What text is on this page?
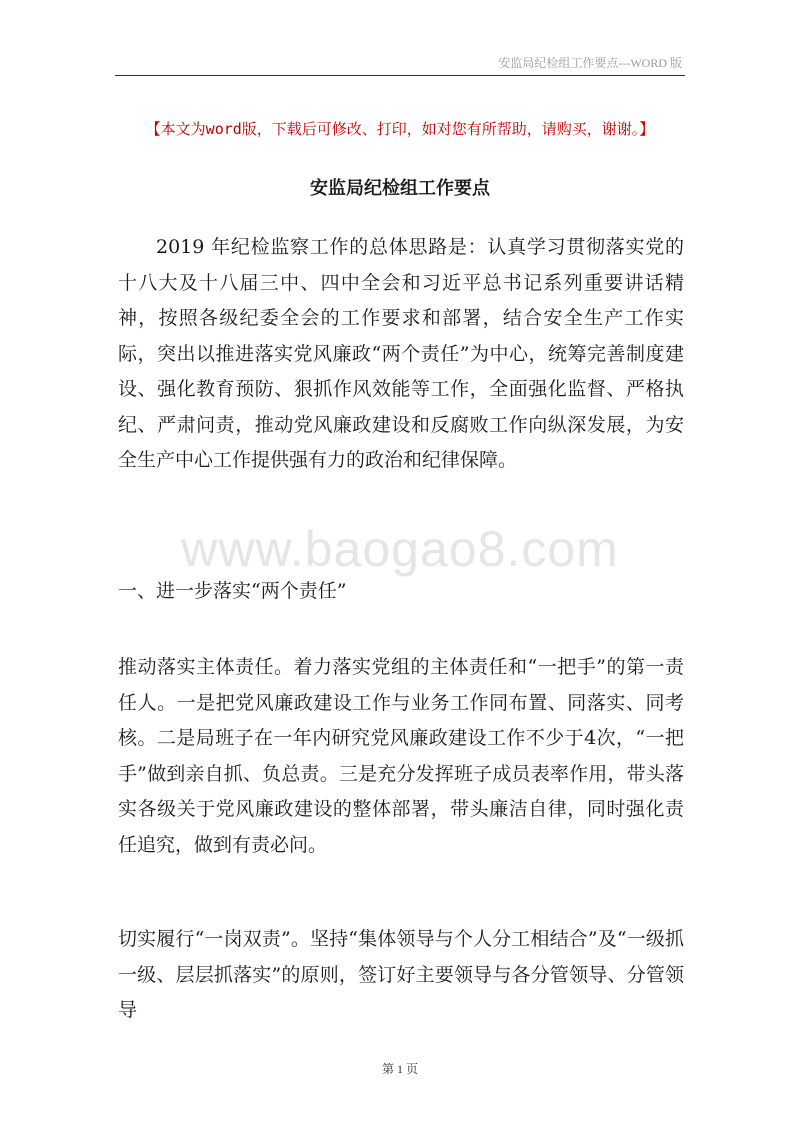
安监局纪检组工作要点---WORD 版
【本文为word版，下载后可修改、打印，如对您有所帮助，请购买，谢谢。】
安监局纪检组工作要点

2019 年纪检监察工作的总体思路是：认真学习贯彻落实党的十八大及十八届三中、四中全会和习近平总书记系列重要讲话精神，按照各级纪委全会的工作要求和部署，结合安全生产工作实际，突出以推进落实党风廉政“两个责任”为中心，统筹完善制度建设、强化教育预防、狠抓作风效能等工作，全面强化监督、严格执纪、严肃问责，推动党风廉政建设和反腐败工作向纵深发展，为安全生产中心工作提供强有力的政治和纪律保障。

www.baogao8.com

一、进一步落实“两个责任”

推动落实主体责任。着力落实党组的主体责任和“一把手”的第一责任人。一是把党风廉政建设工作与业务工作同布置、同落实、同考核。二是局班子在一年内研究党风廉政建设工作不少于4次，“一把手”做到亲自抓、负总责。三是充分发挥班子成员表率作用，带头落实各级关于党风廉政建设的整体部署，带头廉洁自律，同时强化责任追究，做到有责必问。

切实履行“一岗双责”。坚持“集体领导与个人分工相结合”及“一级抓一级、层层抓落实”的原则，签订好主要领导与各分管领导、分管领导

第 1 页
